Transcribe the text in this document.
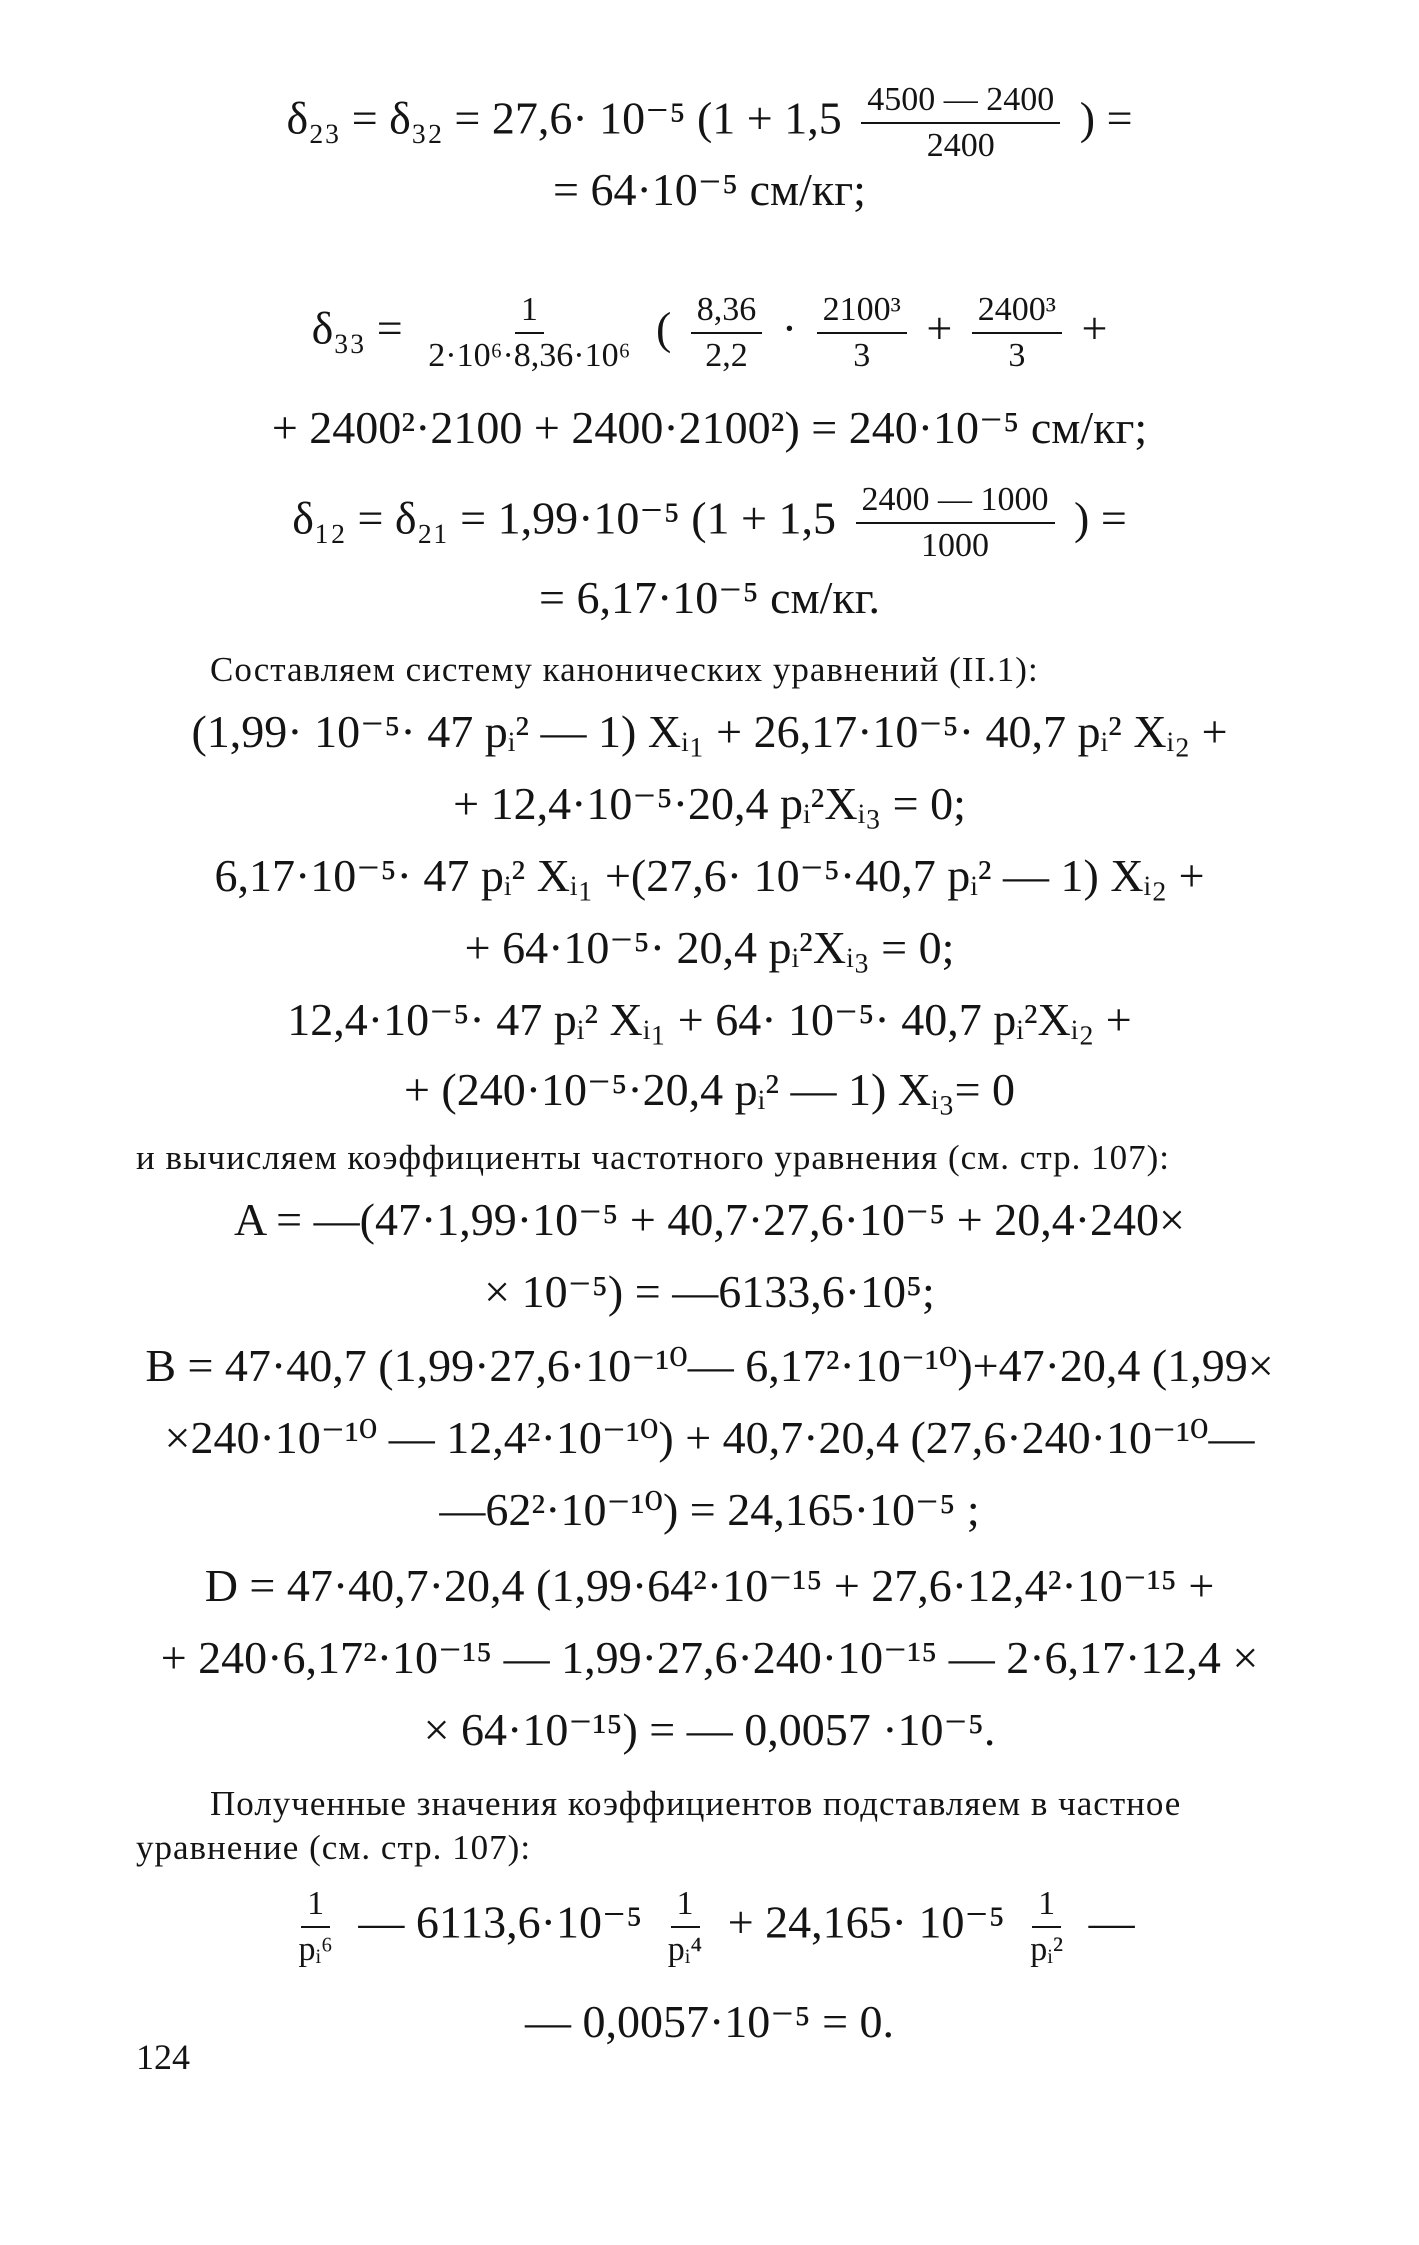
δ₂₃ = δ₃₂ = 27,6· 10⁻⁵ ($1 + 1,5 \frac{4500 — 2400}{2400}$ ) =
= 64·10⁻⁵ см/кг;
$\delta_{33} = \frac{1}{\text{2·10⁶·8,36·10⁶}}$ ( $\frac{8,36}{2,2} \cdot \frac{\text{2100³}}{3} + \frac{\text{2400³}}{3}$ +
+ 2400²·2100 + 2400·2100²) = 240·10⁻⁵ см/кг;
δ₁₂ = δ₂₁ = 1,99·10⁻⁵ ($1 + 1,5 \frac{2400 — 1000}{1000}$ ) =
= 6,17·10⁻⁵ см/кг.
Составляем систему канонических уравнений (II.1):
(1,99· 10⁻⁵· 47 pᵢ² — 1) Xᵢ₁ + 26,17·10⁻⁵· 40,7 pᵢ² Xᵢ₂ +
+ 12,4·10⁻⁵·20,4 pᵢ²Xᵢ₃ = 0;
6,17·10⁻⁵· 47 pᵢ² Xᵢ₁ +(27,6· 10⁻⁵·40,7 pᵢ² — 1) Xᵢ₂ +
+ 64·10⁻⁵· 20,4 pᵢ²Xᵢ₃ = 0;
12,4·10⁻⁵· 47 pᵢ² Xᵢ₁ + 64· 10⁻⁵· 40,7 pᵢ²Xᵢ₂ +
+ (240·10⁻⁵·20,4 pᵢ² — 1) Xᵢ₃= 0
и вычисляем коэффициенты частотного уравнения (см. стр. 107):
A = —(47·1,99·10⁻⁵ + 40,7·27,6·10⁻⁵ + 20,4·240×
× 10⁻⁵) = —6133,6·10⁵;
B = 47·40,7 (1,99·27,6·10⁻¹⁰— 6,17²·10⁻¹⁰)+47·20,4 (1,99×
×240·10⁻¹⁰ — 12,4²·10⁻¹⁰) + 40,7·20,4 (27,6·240·10⁻¹⁰—
—62²·10⁻¹⁰) = 24,165·10⁻⁵ ;
D = 47·40,7·20,4 (1,99·64²·10⁻¹⁵ + 27,6·12,4²·10⁻¹⁵ +
+ 240·6,17²·10⁻¹⁵ — 1,99·27,6·240·10⁻¹⁵ — 2·6,17·12,4 ×
× 64·10⁻¹⁵) = — 0,0057 ·10⁻⁵.
Полученные значения коэффициентов подставляем в частное уравнение (см. стр. 107):
$\frac{1}{\text{pᵢ⁶}}$ — $6113,6\cdot 10^{-5} \frac{1}{\text{pᵢ⁴}} + 24,165\cdot 10^{-5} \frac{1}{\text{pᵢ²}}$ —
— 0,0057·10⁻⁵ = 0.
124
